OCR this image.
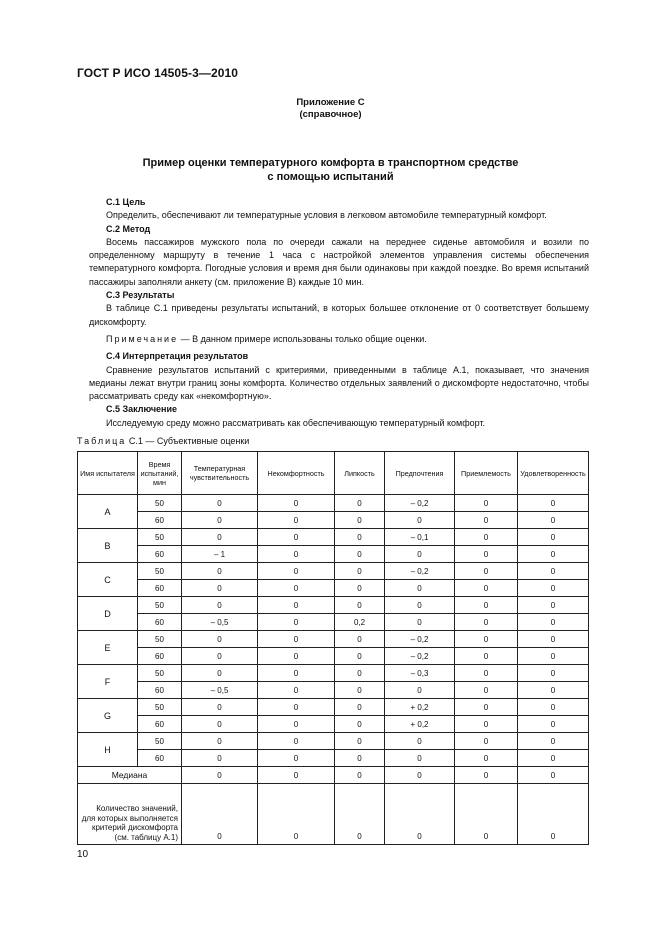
ГОСТ Р ИСО 14505-3—2010
Приложение С
(справочное)
Пример оценки температурного комфорта в транспортном средстве
с помощью испытаний
С.1 Цель

Определить, обеспечивают ли температурные условия в легковом автомобиле температурный комфорт.

С.2 Метод

Восемь пассажиров мужского пола по очереди сажали на переднее сиденье автомобиля и возили по определенному маршруту в течение 1 часа с настройкой элементов управления системы обеспечения температурного комфорта. Погодные условия и время дня были одинаковы при каждой поездке. Во время испытаний пассажиры заполняли анкету (см. приложение В) каждые 10 мин.

С.3 Результаты

В таблице С.1 приведены результаты испытаний, в которых большее отклонение от 0 соответствует большему дискомфорту.

Примечание — В данном примере использованы только общие оценки.

С.4 Интерпретация результатов

Сравнение результатов испытаний с критериями, приведенными в таблице А.1, показывает, что значения медианы лежат внутри границ зоны комфорта. Количество отдельных заявлений о дискомфорте недостаточно, чтобы рассматривать среду как «некомфортную».

С.5 Заключение

Исследуемую среду можно рассматривать как обеспечивающую температурный комфорт.

Таблица С.1 — Субъективные оценки
Имя испытателя	Время испытаний, мин	Температурная чувствительность	Некомфортность	Липкость	Предпочтения	Приемлемость	Удовлетворенность
A	50	0	0	0	– 0,2	0	0
	60	0	0	0	0	0	0
B	50	0	0	0	– 0,1	0	0
	60	– 1	0	0	0	0	0
C	50	0	0	0	– 0,2	0	0
	60	0	0	0	0	0	0
D	50	0	0	0	0	0	0
	60	– 0,5	0	0,2	0	0	0
E	50	0	0	0	– 0,2	0	0
	60	0	0	0	– 0,2	0	0
F	50	0	0	0	– 0,3	0	0
	60	– 0,5	0	0	0	0	0
G	50	0	0	0	+ 0,2	0	0
	60	0	0	0	+ 0,2	0	0
H	50	0	0	0	0	0	0
	60	0	0	0	0	0	0
Медиана		0	0	0	0	0	0
Количество значений, для которых выполняется критерий дискомфорта (см. таблицу А.1)		0	0	0	0	0	0
10
